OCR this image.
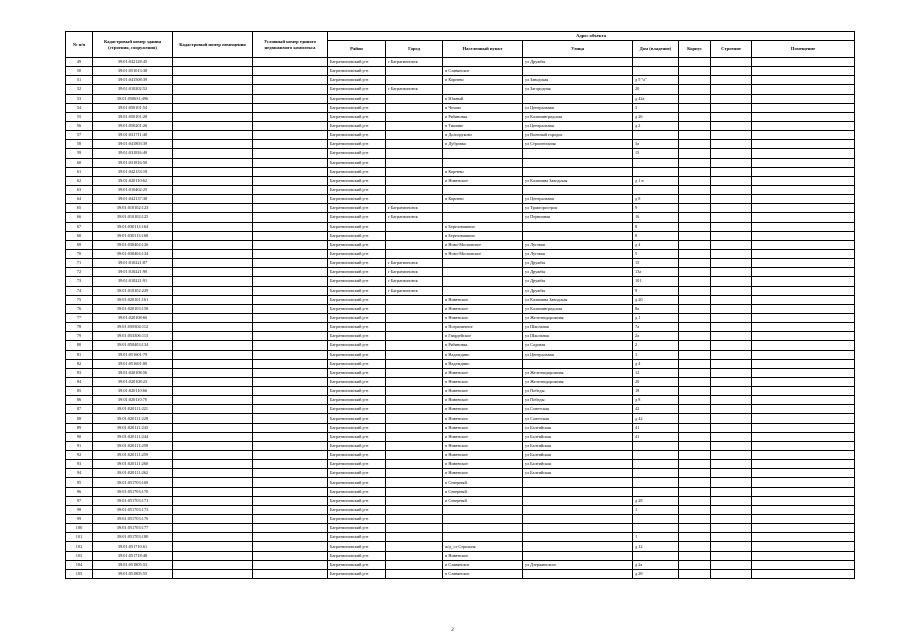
№ п/п	Кадастровый номер здания (строения, сооружения)	Кадастровый номер помещения	Условный номер единого недвижимого комплекса	Адрес объекта							
				Район	Город	Населенный пункт	Улица	Дом (владение)	Корпус	Строение	Помещение
49	39:01:042128:45			Багратионовский р-н	г Багратионовск		ул Дружбы				
50	39:01:051013:38			Багратионовский р-н		п Славянское					
51	39:01:041508:39			Багратионовский р-н		п Корнево	ул Заводская	д 5 "а"			
52	39:01:010202:52			Багратионовский р-н	г Багратионовск		ул Загородная	20			
53	39:01:050631:496			Багратионовский р-н		п Южный		д 42а			
54	39:01:050101:54			Багратионовский р-н		п Чехово	ул Центральная	3			
55	39:01:050101:28			Багратионовский р-н		п Рябиновка	ул Калининградская	д 26			
56	39:01:050201:26			Багратионовский р-н		п Тишино	ул Центральная	д 2			
57	39:01:031711:40			Багратионовский р-н		п Долгоруково	ул Военный городок				
58	39:01:041803:39			Багратионовский р-н		п Дубровка	ул Строительная	3а			
59	39:01:031816:49			Багратионовский р-н				15			
60	39:01:031816:50			Багратионовский р-н							
61	39:01:042133:18			Багратионовский р-н		п Корнево					
62	39:01:020110:62			Багратионовский р-н		п Нивенское	ул Калинина Заводская	д 1 в			
63	39:01:010402:25			Багратионовский р-н							
64	39:01:042137:38			Багратионовский р-н		п Корнево	ул Центральная	д 8			
65	39:01:010102:123			Багратионовский р-н	г Багратионовск		ул Тракторостроя	9			
66	39:01:010102:125			Багратионовский р-н	г Багратионовск		ул Первичная	16			
67	39:01:030113:164			Багратионовский р-н		п Березовшкино		8			
68	39:01:030113:168			Багратионовский р-н		п Березовшкино		8			
69	39:01:030404:126			Багратионовский р-н		п Ново-Московское	ул Луговая	д 4			
70	39:01:030404:134			Багратионовский р-н		п Ново-Московское	ул Луговая	5			
71	39:01:010221:87			Багратионовский р-н	г Багратионовск		ул Дружбы	15			
72	39:01:010221:90			Багратионовский р-н	г Багратионовск		ул Дружбы	13а			
73	39:01:010221:91			Багратионовский р-н	г Багратионовск		ул Дружбы	101			
74	39:01:010102:229			Багратионовский р-н	г Багратионовск		ул Дружбы	9			
75	39:01:020101:161			Багратионовский р-н		п Нивенское	ул Калинина Заводская	д 20			
76	39:01:020103:158			Багратионовский р-н		п Нивенское	ул Калининградская	8а			
77	39:01:020108:60			Багратионовский р-н		п Нивенское	ул Железнодорожная	д 1			
78	39:01:050304:112			Багратионовский р-н		п Пограничное	ул Школьная	7а			
79	39:01:053306:113			Багратионовский р-н		п Гвардейское	ул Школьная	2а			
80	39:01:050403:134			Багратионовский р-н		п Рябиновка	ул Садовая	2			
81	39:01:051601:79			Багратионовский р-н		п Надеждино	ул Центральная	1			
82	39:01:051601:80			Багратионовский р-н		п Надеждино		д 4			
83	39:01:020108:56			Багратионовский р-н		п Нивенское	ул Железнодорожная	12			
84	39:01:020108:23			Багратионовский р-н		п Нивенское	ул Железнодорожная	20			
85	39:01:020110:66			Багратионовский р-н		п Нивенское	ул Победы	18			
86	39:01:020110:70			Багратионовский р-н		п Нивенское	ул Победы	д 8			
87	39:01:020111:221			Багратионовский р-н		п Нивенское	ул Советская	42			
88	39:01:020111:228			Багратионовский р-н		п Нивенское	ул Советская	д 42			
89	39:01:020111:243			Багратионовский р-н		п Нивенское	ул Балтийская	41			
90	39:01:020111:244			Багратионовский р-н		п Нивенское	ул Балтийская	41			
91	39:01:020111:258			Багратионовский р-н		п Нивенское	ул Балтийская				
92	39:01:020111:259			Багратионовский р-н		п Нивенское	ул Балтийская				
93	39:01:020111:260			Багратионовский р-н		п Нивенское	ул Балтийская				
94	39:01:020111:262			Багратионовский р-н		п Нивенское	ул Балтийская				
95	39:01:051703:169			Багратионовский р-н		п Северный					
96	39:01:051703:170			Багратионовский р-н		п Северный					
97	39:01:051703:171			Багратионовский р-н		п Северный		д 28			
98	39:01:051703:173			Багратионовский р-н				1			
99	39:01:051703:176			Багратионовский р-н							
100	39:01:051703:177			Багратионовский р-н							
101	39:01:051703:180			Багратионовский р-н				1			
102	39:01:051710:61			Багратионовский р-н		ж/д_ст Стрельня		д 12			
103	39:01:051718:48			Багратионовский р-н		п Нивенское					
104	39:01:051805:53			Багратионовский р-н		п Славянское	ул Дзержинского	д 2а			
105	39:01:051805:55			Багратионовский р-н		п Славянское		д 28			
2
